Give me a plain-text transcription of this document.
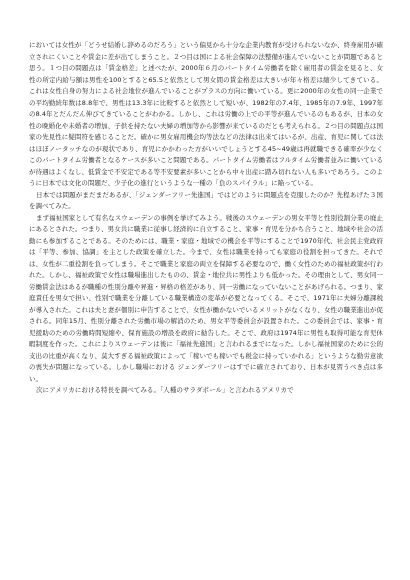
においては女性が「どうせ結婚し辞めるのだろう」という偏見から十分な企業内教育が受けられないなか、終身雇用が確立されにくいことや賃金に差が出てしまうこと。２つ目は国による社会保障の法整備が進んでいないことが問題であると思う。１つ目の問題点は「賃金格差」と述べたが、2000年６月のパートタイム労働者を除く雇用者の賃金を見ると、女性の所定内給与額は男性を100とすると65.5と依然として男女間の賃金格差は大きいが年々格差は縮少してきている。これは女性自身の努力による社会地位が進んでいることがプラスの方向に働いている。更に2000年の女性の同一企業での平均勤続年数は8.8年で、男性は13.3年に比較すると依然として短いが、1982年の7.4年、1985年の7.9年、1997年の8.4年とだんだん伸びてきていることがわかる。しかし、これは労働の上での平等が進んでいるのもあるが、日本の女性の晩婚化や未婚者の増加、子供を持たない夫婦の増加等から影響が来ているのだとも考えられる。２つ目の問題点は国家の先見性に疑問符を感じることだ。確かに男女雇用機会均等法などの法律は出来てはいるが、出産、育児に関しては法はほぼノータッチなのが現状であり、育児にかかわった方がいいでしょうとする45~49歳は再就職できる確率が少なくこのパートタイム労働者となるケースが多いこと問題である。パートタイム労働者はフルタイム労働者並みに働いているが待遇はよくなし、低賃金で不安定である等不安要素が多いことから中々出産に踏み切れない人も多いであろう。このように日本では文化の問題だ、少子化の進行というような一種の「負のスパイラル」に陥っている。

日本では問題がまだまだあるが、「ジェンダーフリー先進国」ではどのように問題点を克服したのか？先程あげた３国を調べてみた。

まず福祉国家として有名なスウェーデンの事例を挙げてみよう。戦後のスウェーデンの男女平等と性別役割分業の廃止にあるとされた。つまり、男女共に職業に従事し経済的に自立すること、家事・育児を分かち合うこと、地域や社会の活動にも参加することである。そのためには、職業・家庭・地域での機会を平等にすることで1970年代、社会民主党政府は「平等、参加、協調」を主とした政策を確立した。今まで、女性は職業を持っても家庭の役割を担ってきた。それでは、女性が二重役割を負ってしまう。そこで職業と家庭の両立を保障する必要なので、働く女性のための福祉政策が行われた。しかし、福祉政策で女性は職場進出したものの、賃金・地位共に男性よりも低かった。その理由として、男女同一労働賃金法はあるが職種の性別分離や昇進・昇格の格差があり、同一労働になっていないことがあげられる。つまり、家庭責任を男女で担い、性別で職業を分離している職業構造の変革が必要となってくる。そこで、1971年に夫婦分離課税が導入された。これは夫と妻が個別に申告することで、女性が働かないでいるメリットがなくなり、女性の職業進出が促される。同年15月、性別分離された労働市場の解消のため、男女平等委員会が設置された。この委員会では、家事・育児援助のための労働時間短縮や、保育施設の増設を政府に勧告した。そこで、政府は1974年に男性も取得可能な育児休暇制度を作った。これによりスウェーデンは後に「福祉先進国」と言われるまでになった。しかし福祉国家のために公的支出の比重が高くなり、莫大すぎる福祉政策によって「稼いでも稼いでも税金に持っていかれる」というような勤労意欲の喪失が問題になっている。しかし職場における ジェンダーフリーはすでに確立されており、日本が見習うべき点は多い。

次にアメリカにおける特長を調べてみる。「人種のサラダボール」と言われるアメリカで
